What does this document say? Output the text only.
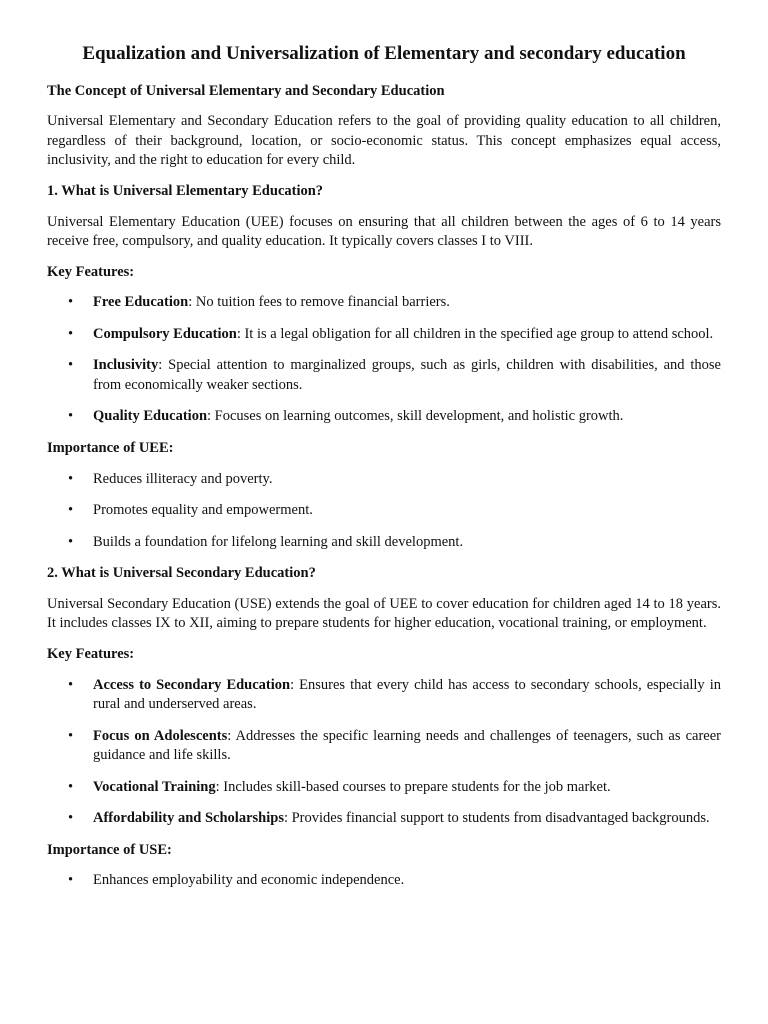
Equalization and Universalization of Elementary and secondary education
The Concept of Universal Elementary and Secondary Education

Universal Elementary and Secondary Education refers to the goal of providing quality education to all children, regardless of their background, location, or socio-economic status. This concept emphasizes equal access, inclusivity, and the right to education for every child.

1. What is Universal Elementary Education?

Universal Elementary Education (UEE) focuses on ensuring that all children between the ages of 6 to 14 years receive free, compulsory, and quality education. It typically covers classes I to VIII.

Key Features:
• Free Education: No tuition fees to remove financial barriers.
• Compulsory Education: It is a legal obligation for all children in the specified age group to attend school.
• Inclusivity: Special attention to marginalized groups, such as girls, children with disabilities, and those from economically weaker sections.
• Quality Education: Focuses on learning outcomes, skill development, and holistic growth.
Importance of UEE:
• Reduces illiteracy and poverty.
• Promotes equality and empowerment.
• Builds a foundation for lifelong learning and skill development.
2. What is Universal Secondary Education?

Universal Secondary Education (USE) extends the goal of UEE to cover education for children aged 14 to 18 years. It includes classes IX to XII, aiming to prepare students for higher education, vocational training, or employment.

Key Features:
• Access to Secondary Education: Ensures that every child has access to secondary schools, especially in rural and underserved areas.
• Focus on Adolescents: Addresses the specific learning needs and challenges of teenagers, such as career guidance and life skills.
• Vocational Training: Includes skill-based courses to prepare students for the job market.
• Affordability and Scholarships: Provides financial support to students from disadvantaged backgrounds.
Importance of USE:
• Enhances employability and economic independence.
